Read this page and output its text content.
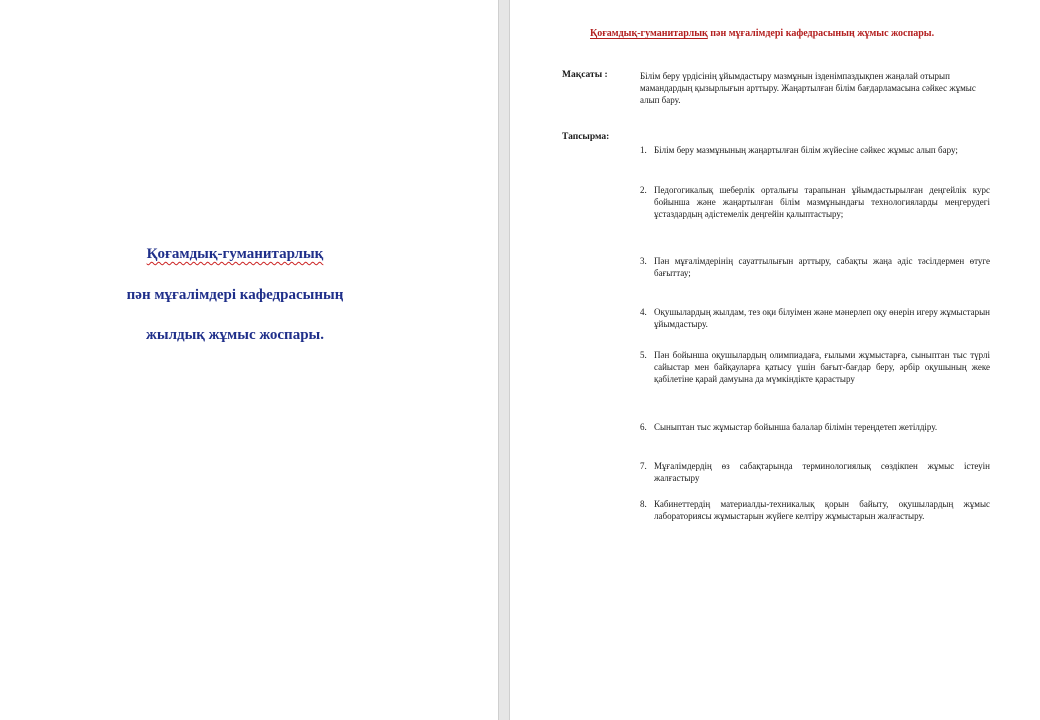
Қоғамдық-гуманитарлық
пән мұғалімдері кафедрасының
жылдық жұмыс жоспары.
Қоғамдық-гуманитарлық пән мұғалімдері кафедрасының жұмыс жоспары.
Мақсаты :	Білім беру үрдісінің ұйымдастыру мазмұнын ізденімпаздықпен жаңалай отырып мамандардың қызырлығын арттыру. Жаңартылған білім бағдарламасына сәйкес жұмыс алып бару.
Тапсырма:
1. Білім беру мазмұнының жаңартылған білім жүйесіне сәйкес жұмыс алып бару;
2. Педогогикалық шеберлік орталығы тарапынан ұйымдастырылған деңгейлік курс бойынша және жаңартылған білім мазмұнындағы технологияларды меңгерудегі ұстаздардың әдістемелік деңгейін қалыптастыру;
3. Пән мұғалімдерінің сауаттылығын арттыру, сабақты жаңа әдіс тәсілдермен өтуге бағыттау;
4. Оқушылардың жылдам, тез оқи білуімен және мәнерлеп оқу өнерін игеру жұмыстарын ұйымдастыру.
5. Пән бойынша оқушылардың олимпиадаға, ғылыми жұмыстарға, сыныптан тыс түрлі сайыстар мен байқауларға қатысу үшін бағыт-бағдар беру, әрбір оқушының жеке қабілетіне қарай дамуына да мүмкіндікте қарастыру
6. Сыныптан тыс жұмыстар бойынша балалар білімін тереңдетеп жетілдіру.
7. Мұғалімдердің өз сабақтарында терминологиялық сөздікпен жұмыс істеуін жалғастыру
8. Кабинеттердің материалды-техникалық қорын байыту, оқушылардың жұмыс лабораториясы жұмыстарын жүйеге келтіру жұмыстарын жалғастыру.
